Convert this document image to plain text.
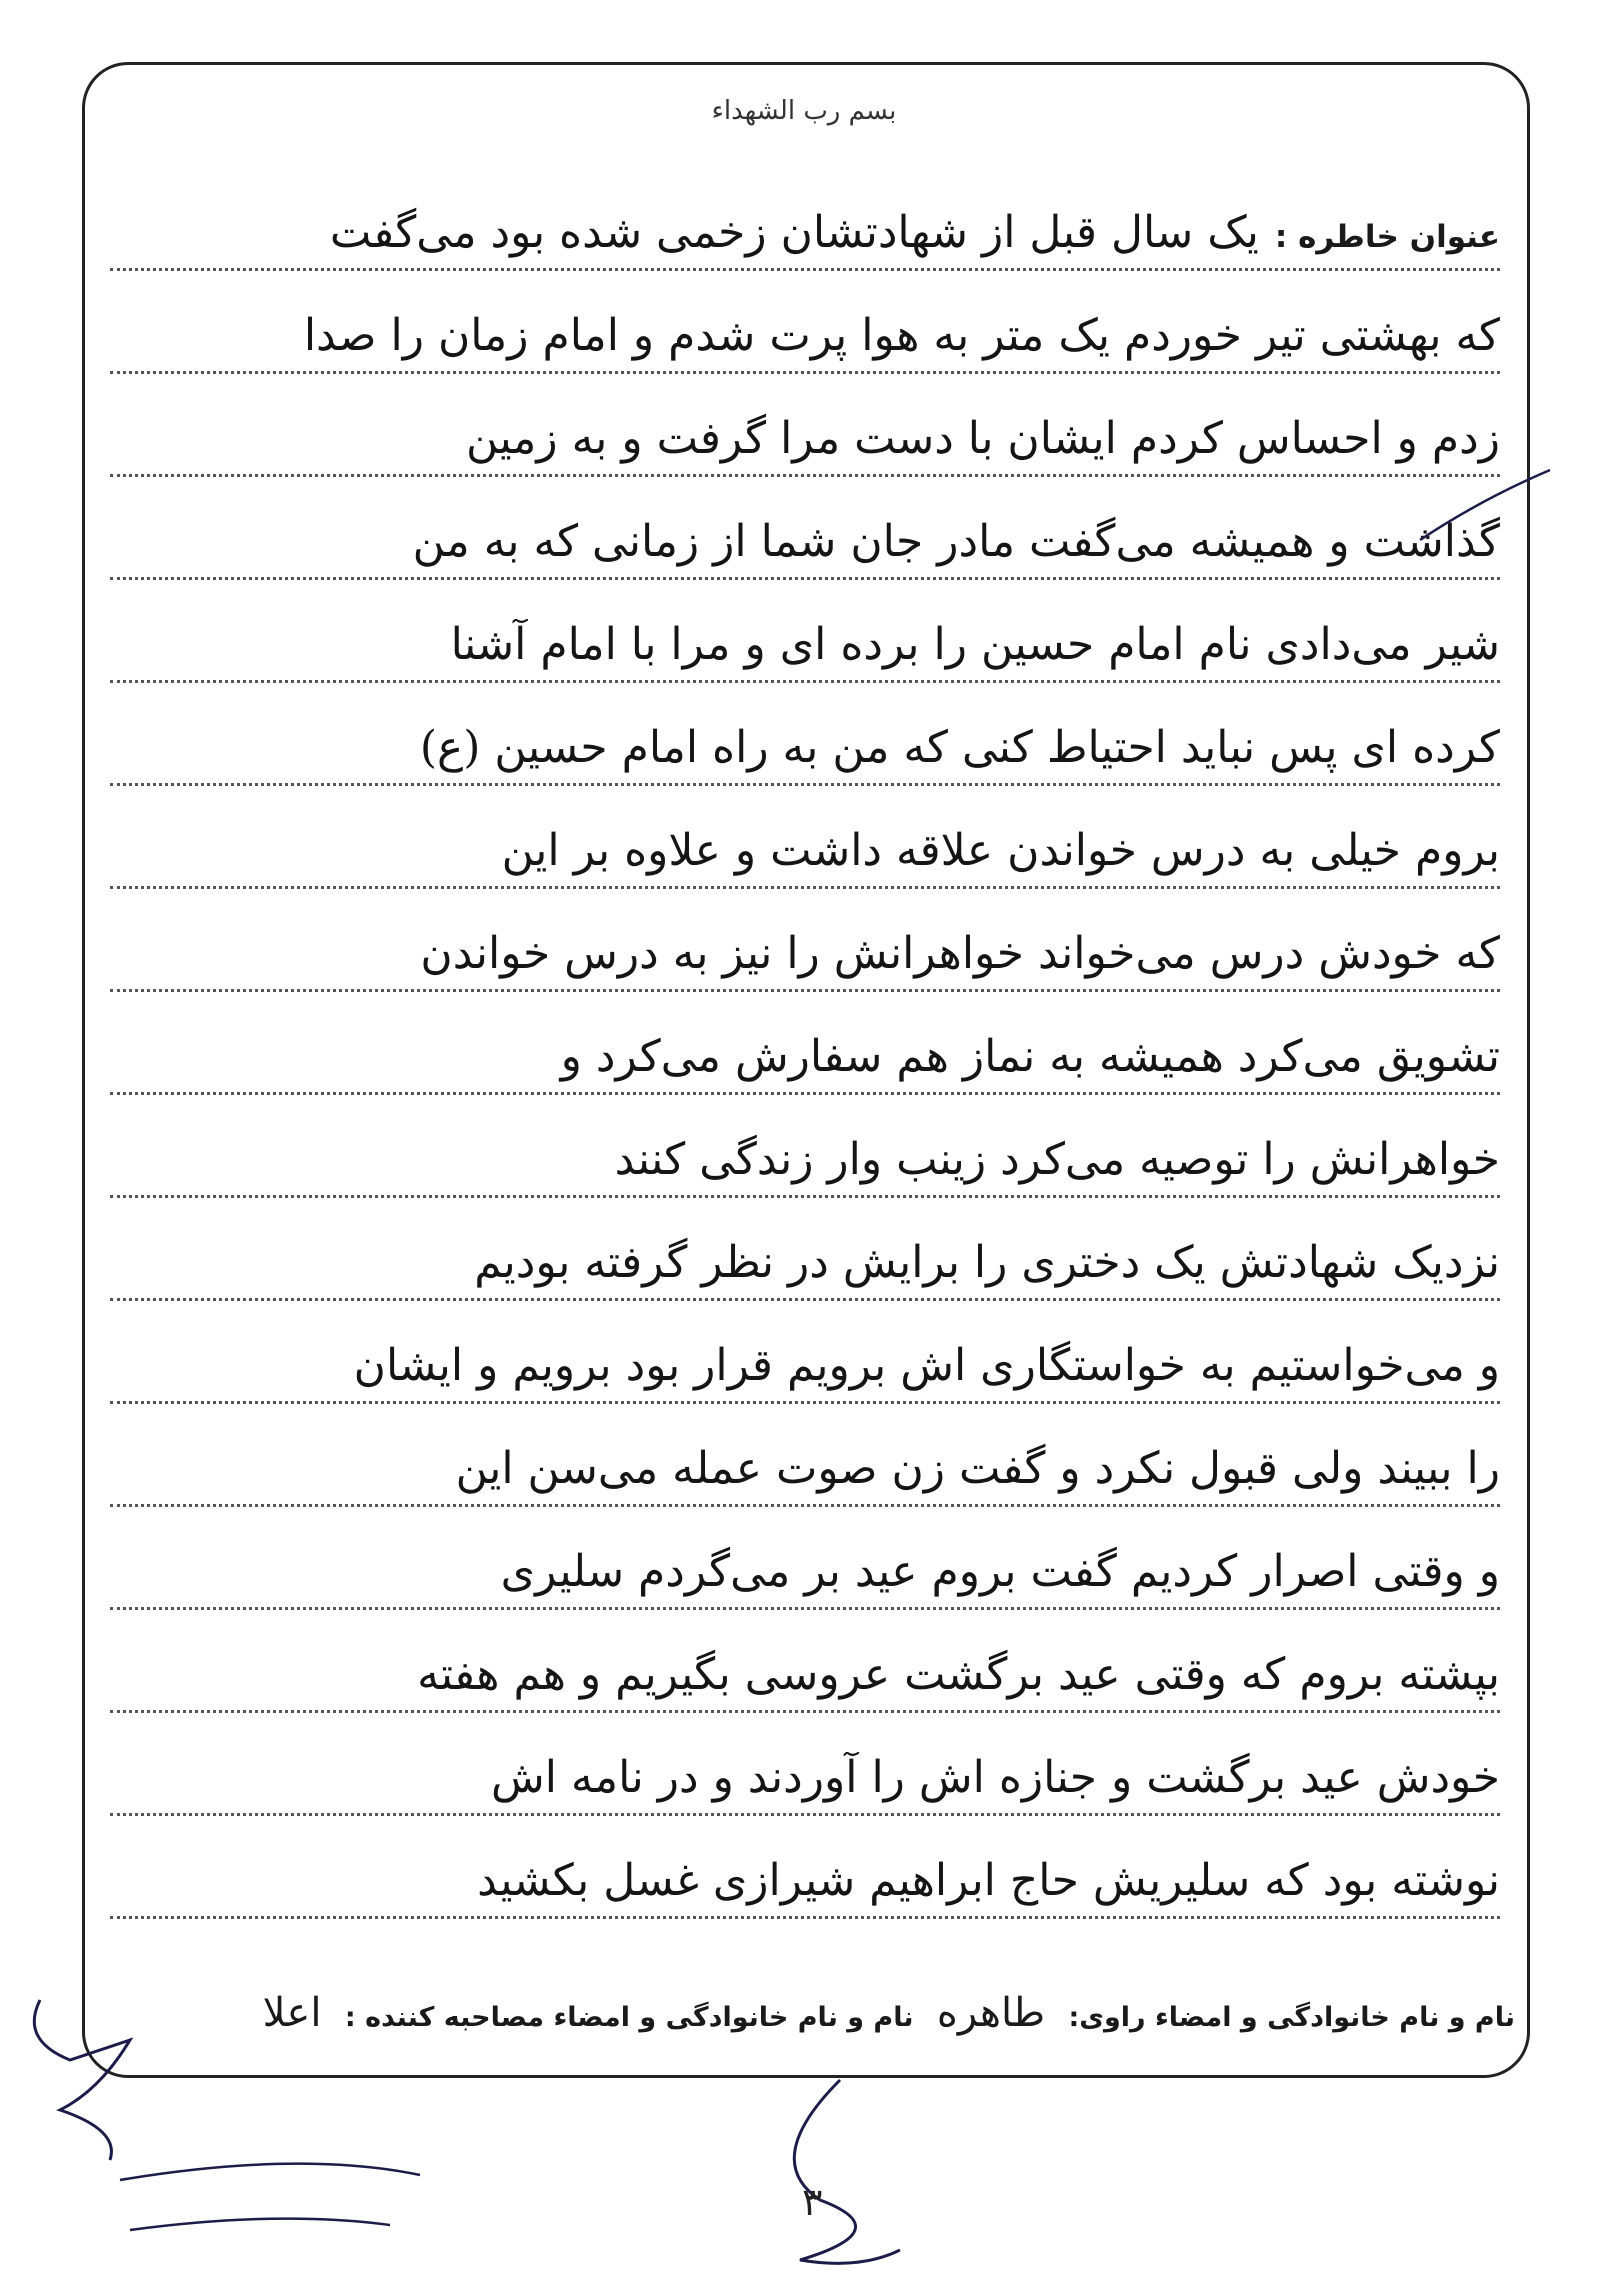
بسم رب الشهداء
عنوان خاطره :یک سال قبل از شهادتشان زخمی شده بود می‌گفت
که بهشتی تیر خوردم یک متر به هوا پرت شدم و امام زمان را صدا
زدم و احساس کردم ایشان با دست مرا گرفت و به زمین
گذاشت و همیشه می‌گفت مادر جان شما از زمانی که به من
شیر می‌دادی نام امام حسین را برده ای و مرا با امام آشنا
کرده ای پس نباید احتیاط کنی که من به راه امام حسین (ع)
بروم خیلی به درس خواندن علاقه داشت و علاوه بر این
که خودش درس می‌خواند خواهرانش را نیز به درس خواندن
تشویق می‌کرد همیشه به نماز هم سفارش می‌کرد و
خواهرانش را توصیه می‌کرد زینب وار زندگی کنند
نزدیک شهادتش یک دختری را برایش در نظر گرفته بودیم
و می‌خواستیم به خواستگاری اش برویم قرار بود برویم و ایشان
را ببیند ولی قبول نکرد و گفت زن صوت عمله می‌سن این
و وقتی اصرار کردیم گفت بروم عید بر می‌گردم سلیری
بپشته بروم که وقتی عید برگشت عروسی بگیریم و هم هفته
خودش عید برگشت و جنازه اش را آوردند و در نامه اش
نوشته بود که سلیریش حاج ابراهیم شیرازی غسل بکشید
نام و نام خانوادگی و امضاء راوی: طاهره نام و نام خانوادگی و امضاء مصاحبه کننده : اعلا
۳
